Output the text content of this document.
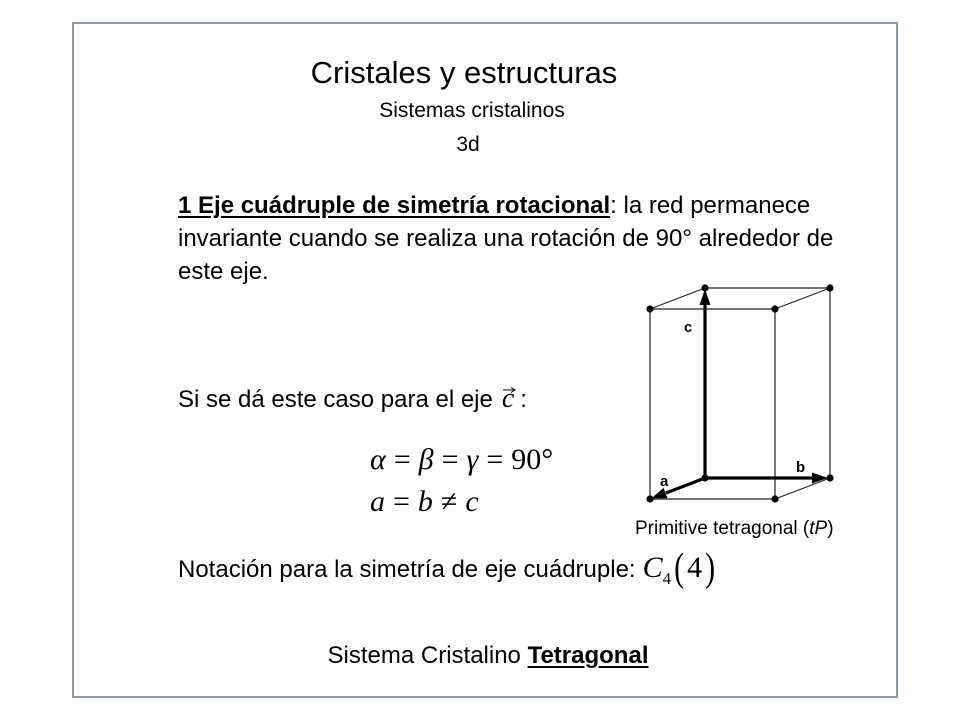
Cristales y estructuras
Sistemas cristalinos
3d
1 Eje cuádruple de simetría rotacional: la red permanece
invariante cuando se realiza una rotación de 90° alrededor de
este eje.
Si se dá este caso para el eje c :
α = β = γ = 90°
a = b ≠ c
c
b
a
Primitive tetragonal (tP)
Notación para la simetría de eje cuádruple: $C_4$ ( 4 )
Sistema Cristalino Tetragonal
